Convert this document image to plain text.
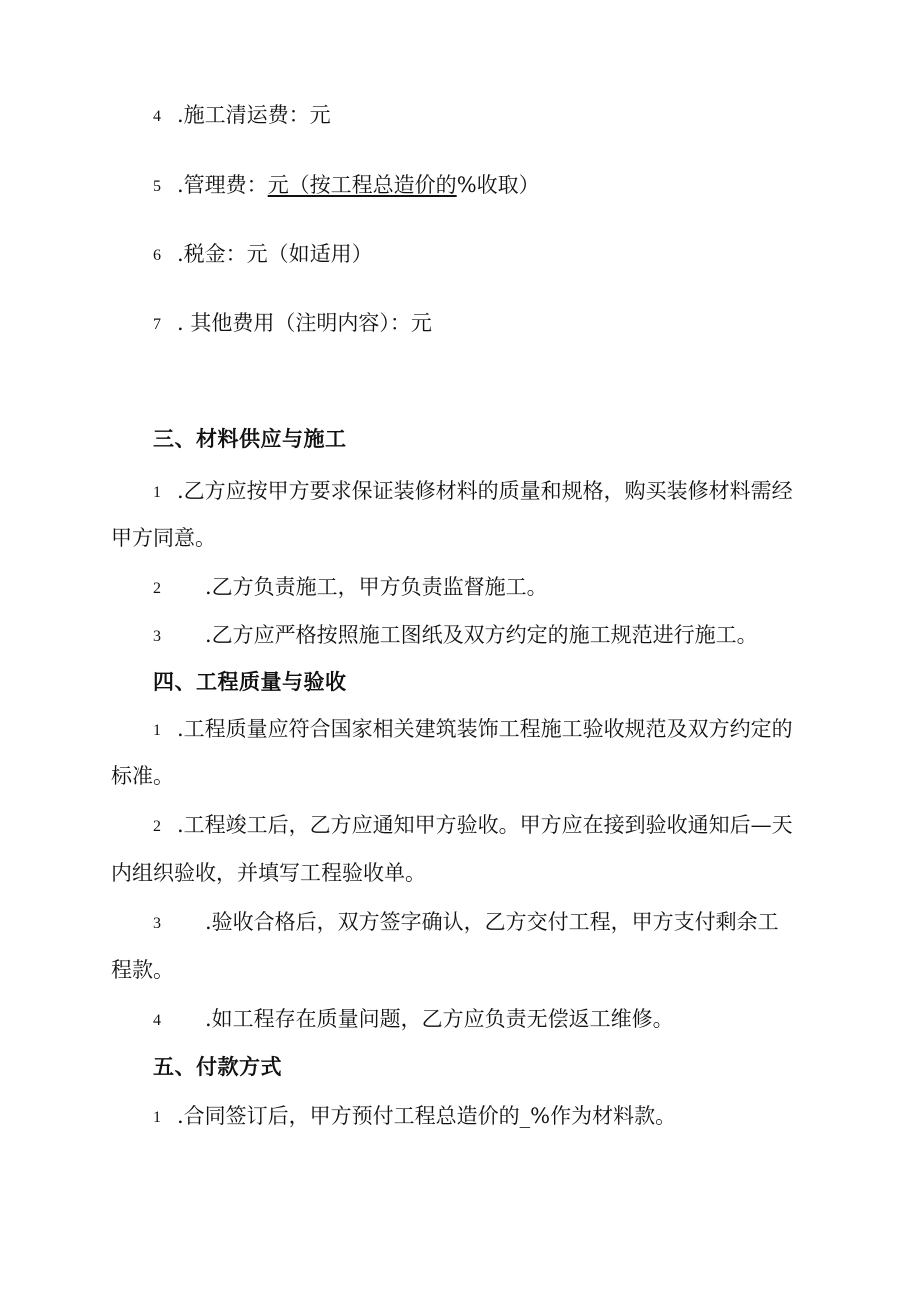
4 .施工清运费：元
5 .管理费：元（按工程总造价的%收取）
6 .税金：元（如适用）
7 . 其他费用（注明内容）：元
三、材料供应与施工
1 .乙方应按甲方要求保证装修材料的质量和规格，购买装修材料需经
甲方同意。
2 .乙方负责施工，甲方负责监督施工。
3 .乙方应严格按照施工图纸及双方约定的施工规范进行施工。
四、工程质量与验收
1 .工程质量应符合国家相关建筑装饰工程施工验收规范及双方约定的
标准。
2 .工程竣工后，乙方应通知甲方验收。甲方应在接到验收通知后—天
内组织验收，并填写工程验收单。
3 .验收合格后，双方签字确认，乙方交付工程，甲方支付剩余工
程款。
4 .如工程存在质量问题，乙方应负责无偿返工维修。
五、付款方式
1 .合同签订后，甲方预付工程总造价的_%作为材料款。
